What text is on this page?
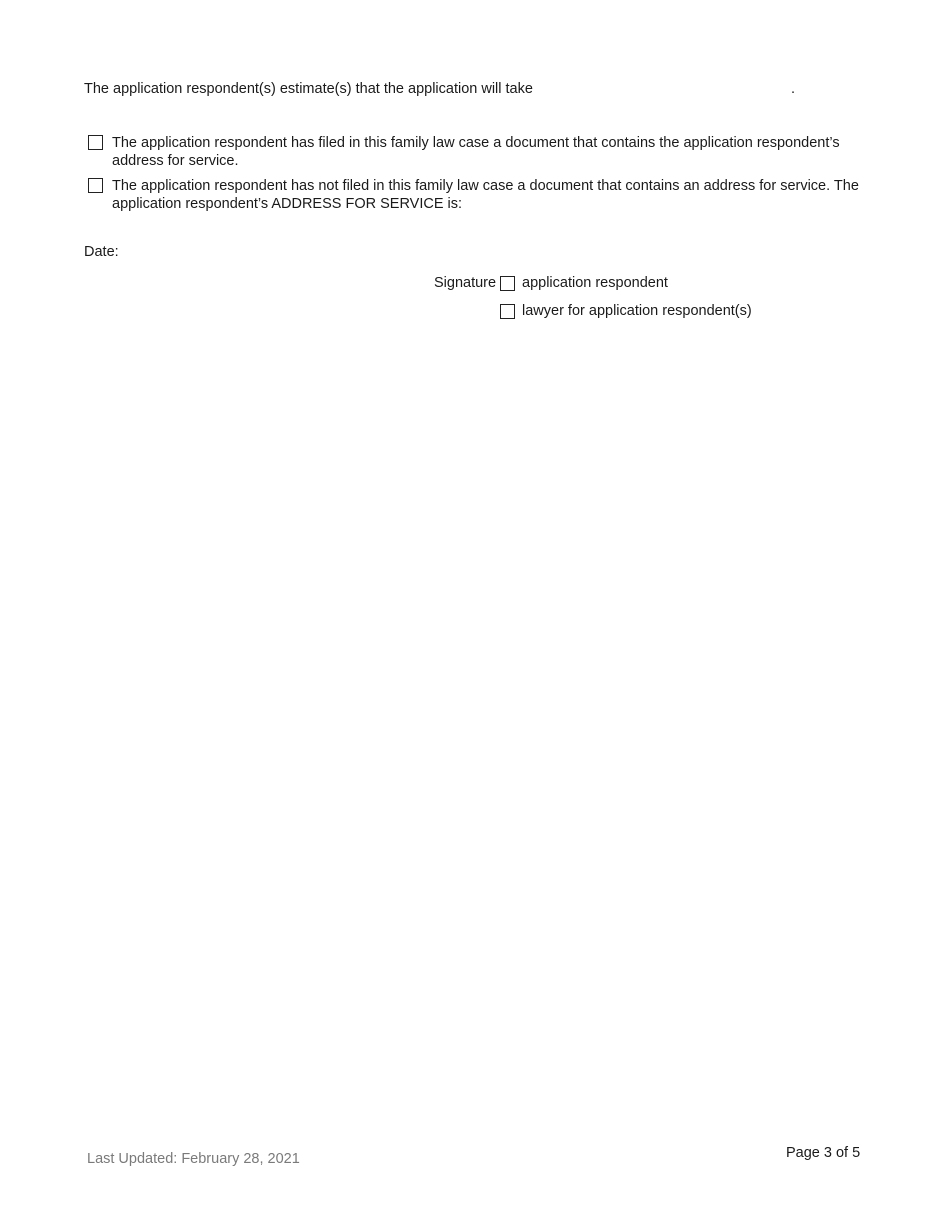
The application respondent(s) estimate(s) that the application will take	.
The application respondent has filed in this family law case a document that contains the application respondent’s address for service.
The application respondent has not filed in this family law case a document that contains an address for service. The application respondent’s ADDRESS FOR SERVICE is:
Date:
Signature application respondent
lawyer for application respondent(s)
Last Updated: February 28, 2021	Page 3 of 5
